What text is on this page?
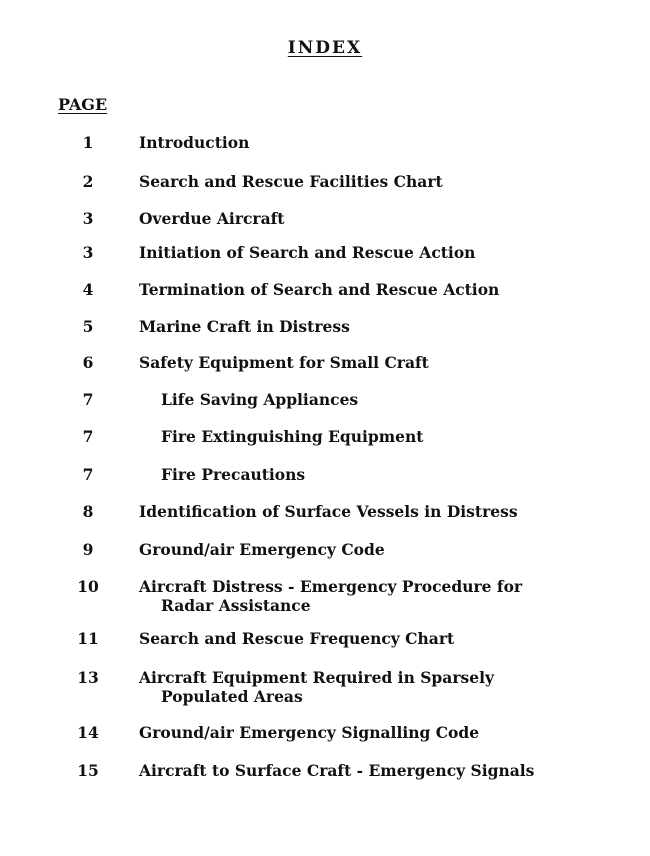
INDEX
PAGE
1	Introduction
2	Search and Rescue Facilities Chart
3	Overdue Aircraft
3	Initiation of Search and Rescue Action
4	Termination of Search and Rescue Action
5	Marine Craft in Distress
6	Safety Equipment for Small Craft
7	Life Saving Appliances
7	Fire Extinguishing Equipment
7	Fire Precautions
8	Identification of Surface Vessels in Distress
9	Ground/air Emergency Code
10	Aircraft Distress - Emergency Procedure for
Radar Assistance
11	Search and Rescue Frequency Chart
13	Aircraft Equipment Required in Sparsely
Populated Areas
14	Ground/air Emergency Signalling Code
15	Aircraft to Surface Craft - Emergency Signals
